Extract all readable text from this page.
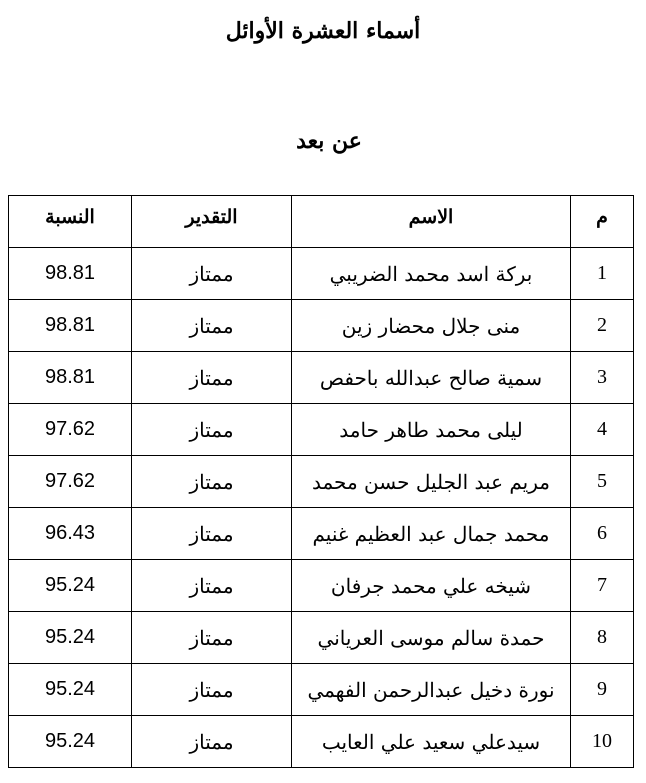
أسماء العشرة الأوائل
عن بعد
النسبة	التقدير	الاسم	م
98.81	ممتاز	بركة اسد محمد الضريبي	1
98.81	ممتاز	منى جلال محضار زين	2
98.81	ممتاز	سمية صالح عبدالله باحفص	3
97.62	ممتاز	ليلى محمد طاهر حامد	4
97.62	ممتاز	مريم عبد الجليل حسن محمد	5
96.43	ممتاز	محمد جمال عبد العظيم غنيم	6
95.24	ممتاز	شيخه علي محمد جرفان	7
95.24	ممتاز	حمدة سالم موسى العرياني	8
95.24	ممتاز	نورة دخيل عبدالرحمن الفهمي	9
95.24	ممتاز	سيدعلي سعيد علي العايب	10
